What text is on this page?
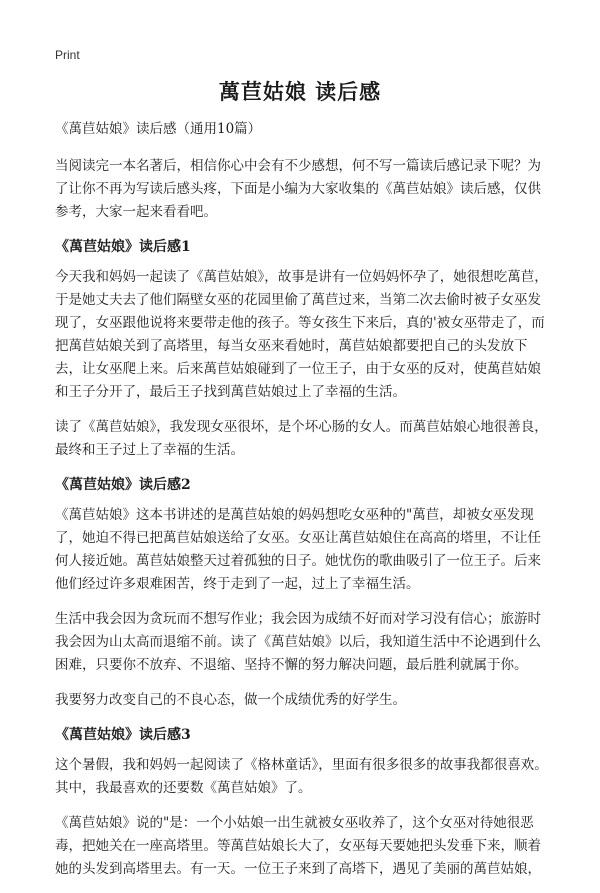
Print
萬苣姑娘 读后感

《萬苣姑娘》读后感（通用10篇）

当阅读完一本名著后，相信你心中会有不少感想，何不写一篇读后感记录下呢？为了让你不再为写读后感头疼，下面是小编为大家收集的《萬苣姑娘》读后感，仅供参考，大家一起来看看吧。

《萬苣姑娘》读后感1

今天我和妈妈一起读了《萬苣姑娘》，故事是讲有一位妈妈怀孕了，她很想吃萬苣，于是她丈夫去了他们隔壁女巫的花园里偷了萬苣过来，当第二次去偷时被子女巫发现了，女巫跟他说将来要带走他的孩子。等女孩生下来后，真的'被女巫带走了，而把萬苣姑娘关到了高塔里，每当女巫来看她时，萬苣姑娘都要把自己的头发放下去，让女巫爬上来。后来萬苣姑娘碰到了一位王子，由于女巫的反对，使萬苣姑娘和王子分开了，最后王子找到萬苣姑娘过上了幸福的生活。

读了《萬苣姑娘》，我发现女巫很坏，是个坏心肠的女人。而萬苣姑娘心地很善良，最终和王子过上了幸福的生活。

《萬苣姑娘》读后感2

《萬苣姑娘》这本书讲述的是萬苣姑娘的妈妈想吃女巫种的"萬苣，却被女巫发现了，她迫不得已把萬苣姑娘送给了女巫。女巫让萬苣姑娘住在高高的塔里，不让任何人接近她。萬苣姑娘整天过着孤独的日子。她忧伤的歌曲吸引了一位王子。后来他们经过许多艰难困苦，终于走到了一起，过上了幸福生活。

生活中我会因为贪玩而不想写作业；我会因为成绩不好而对学习没有信心；旅游时我会因为山太高而退缩不前。读了《萬苣姑娘》以后，我知道生活中不论遇到什么困难，只要你不放弃、不退缩、坚持不懈的努力解决问题，最后胜利就属于你。

我要努力改变自己的不良心态，做一个成绩优秀的好学生。

《萬苣姑娘》读后感3

这个暑假，我和妈妈一起阅读了《格林童话》，里面有很多很多的故事我都很喜欢。其中，我最喜欢的还要数《萬苣姑娘》了。

《萬苣姑娘》说的"是：一个小姑娘一出生就被女巫收养了，这个女巫对待她很恶毒，把她关在一座高塔里。等萬苣姑娘长大了，女巫每天要她把头发垂下来，顺着她的头发到高塔里去。有一天。一位王子来到了高塔下，遇见了美丽的萬苣姑娘，
